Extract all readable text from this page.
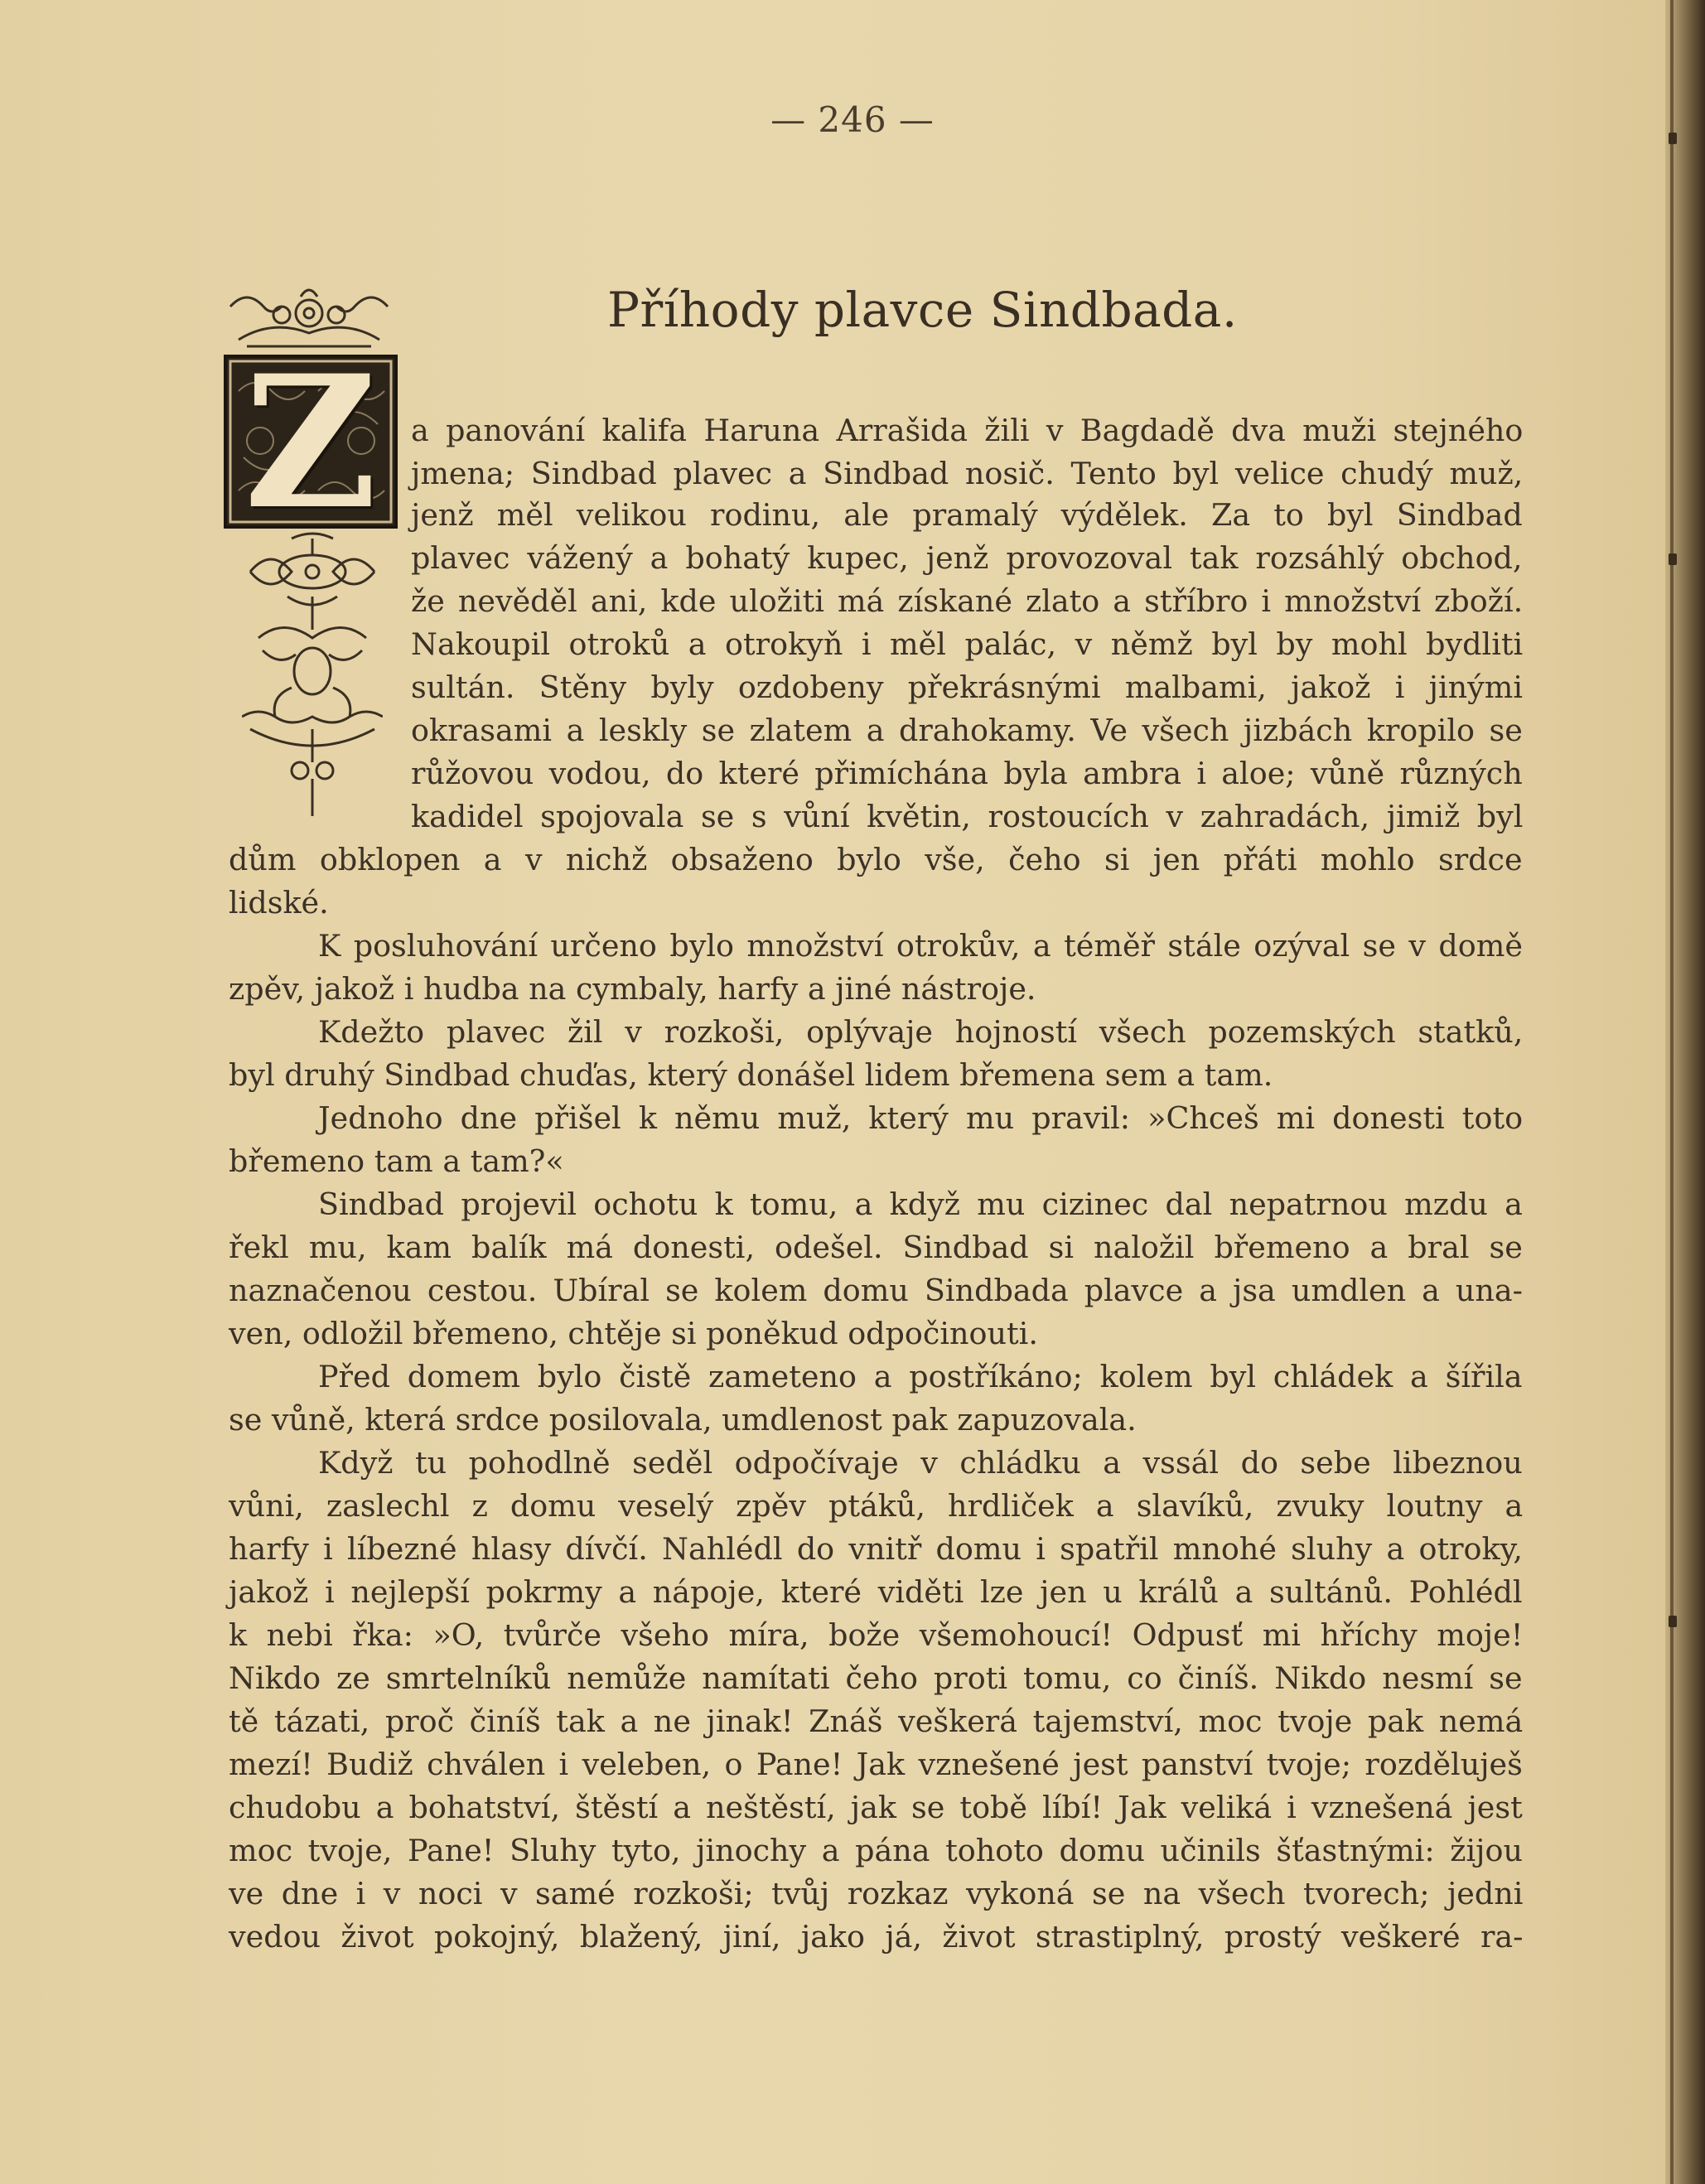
— 246 —
Příhody plavce Sindbada.
Z	a panování kalifa Haruna Arrašida žili v Bagdadě dva muži stejného
jmena; Sindbad plavec a Sindbad nosič. Tento byl velice chudý muž,
jenž měl velikou rodinu, ale pramalý výdělek. Za to byl Sindbad
plavec vážený a bohatý kupec, jenž provozoval tak rozsáhlý obchod,
že nevěděl ani, kde uložiti má získané zlato a stříbro i množství zboží.
Nakoupil otroků a otrokyň i měl palác, v němž byl by mohl bydliti
sultán. Stěny byly ozdobeny překrásnými malbami, jakož i jinými
okrasami a leskly se zlatem a drahokamy. Ve všech jizbách kropilo se
růžovou vodou, do které přimíchána byla ambra i aloe; vůně různých
kadidel spojovala se s vůní květin, rostoucích v zahradách, jimiž byl
dům obklopen a v nichž obsaženo bylo vše, čeho si jen přáti mohlo srdce
lidské.
K posluhování určeno bylo množství otrokův, a téměř stále ozýval se v domě
zpěv, jakož i hudba na cymbaly, harfy a jiné nástroje.
Kdežto plavec žil v rozkoši, oplývaje hojností všech pozemských statků,
byl druhý Sindbad chuďas, který donášel lidem břemena sem a tam.
Jednoho dne přišel k němu muž, který mu pravil: »Chceš mi donesti toto
břemeno tam a tam?«
Sindbad projevil ochotu k tomu, a když mu cizinec dal nepatrnou mzdu a
řekl mu, kam balík má donesti, odešel. Sindbad si naložil břemeno a bral se
naznačenou cestou. Ubíral se kolem domu Sindbada plavce a jsa umdlen a una-
ven, odložil břemeno, chtěje si poněkud odpočinouti.
Před domem bylo čistě zameteno a postříkáno; kolem byl chládek a šířila
se vůně, která srdce posilovala, umdlenost pak zapuzovala.
Když tu pohodlně seděl odpočívaje v chládku a vssál do sebe libeznou
vůni, zaslechl z domu veselý zpěv ptáků, hrdliček a slavíků, zvuky loutny a
harfy i líbezné hlasy dívčí. Nahlédl do vnitř domu i spatřil mnohé sluhy a otroky,
jakož i nejlepší pokrmy a nápoje, které viděti lze jen u králů a sultánů. Pohlédl
k nebi řka: »O, tvůrče všeho míra, bože všemohoucí! Odpusť mi hříchy moje!
Nikdo ze smrtelníků nemůže namítati čeho proti tomu, co činíš. Nikdo nesmí se
tě tázati, proč činíš tak a ne jinak! Znáš veškerá tajemství, moc tvoje pak nemá
mezí! Budiž chválen i veleben, o Pane! Jak vznešené jest panství tvoje; rozděluješ
chudobu a bohatství, štěstí a neštěstí, jak se tobě líbí! Jak veliká i vznešená jest
moc tvoje, Pane! Sluhy tyto, jinochy a pána tohoto domu učinils šťastnými: žijou
ve dne i v noci v samé rozkoši; tvůj rozkaz vykoná se na všech tvorech; jedni
vedou život pokojný, blažený, jiní, jako já, život strastiplný, prostý veškeré ra-
